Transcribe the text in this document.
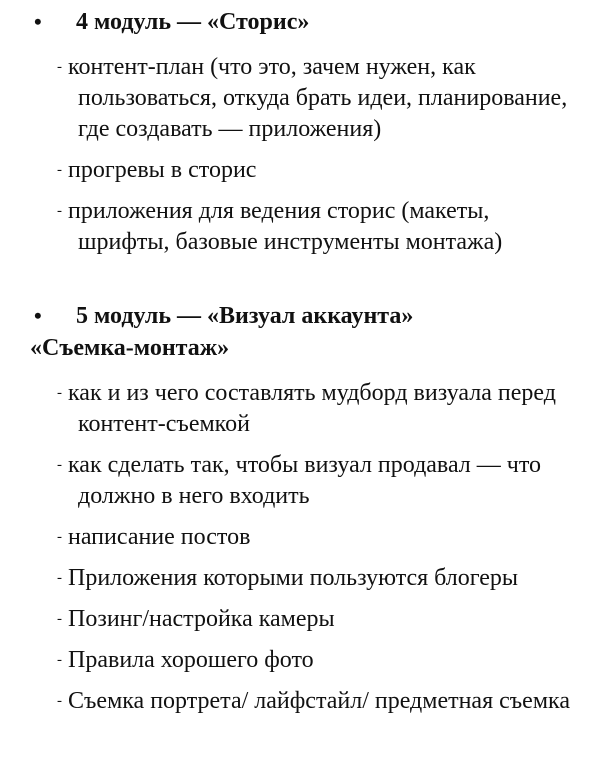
•	4 модуль — «Сторис»
- контент-план (что это, зачем нужен, как пользоваться, откуда брать идеи, планирование, где создавать — приложения)
- прогревы в сторис
- приложения для ведения сторис (макеты, шрифты, базовые инструменты монтажа)
•	5 модуль — «Визуал аккаунта»
«Съемка-монтаж»
- как и из чего составлять мудборд визуала перед контент-съемкой
- как сделать так, чтобы визуал продавал — что должно в него входить
- написание постов
- Приложения которыми пользуются блогеры
- Позинг/настройка камеры
- Правила хорошего фото
- Съемка портрета/ лайфстайл/ предметная съемка
